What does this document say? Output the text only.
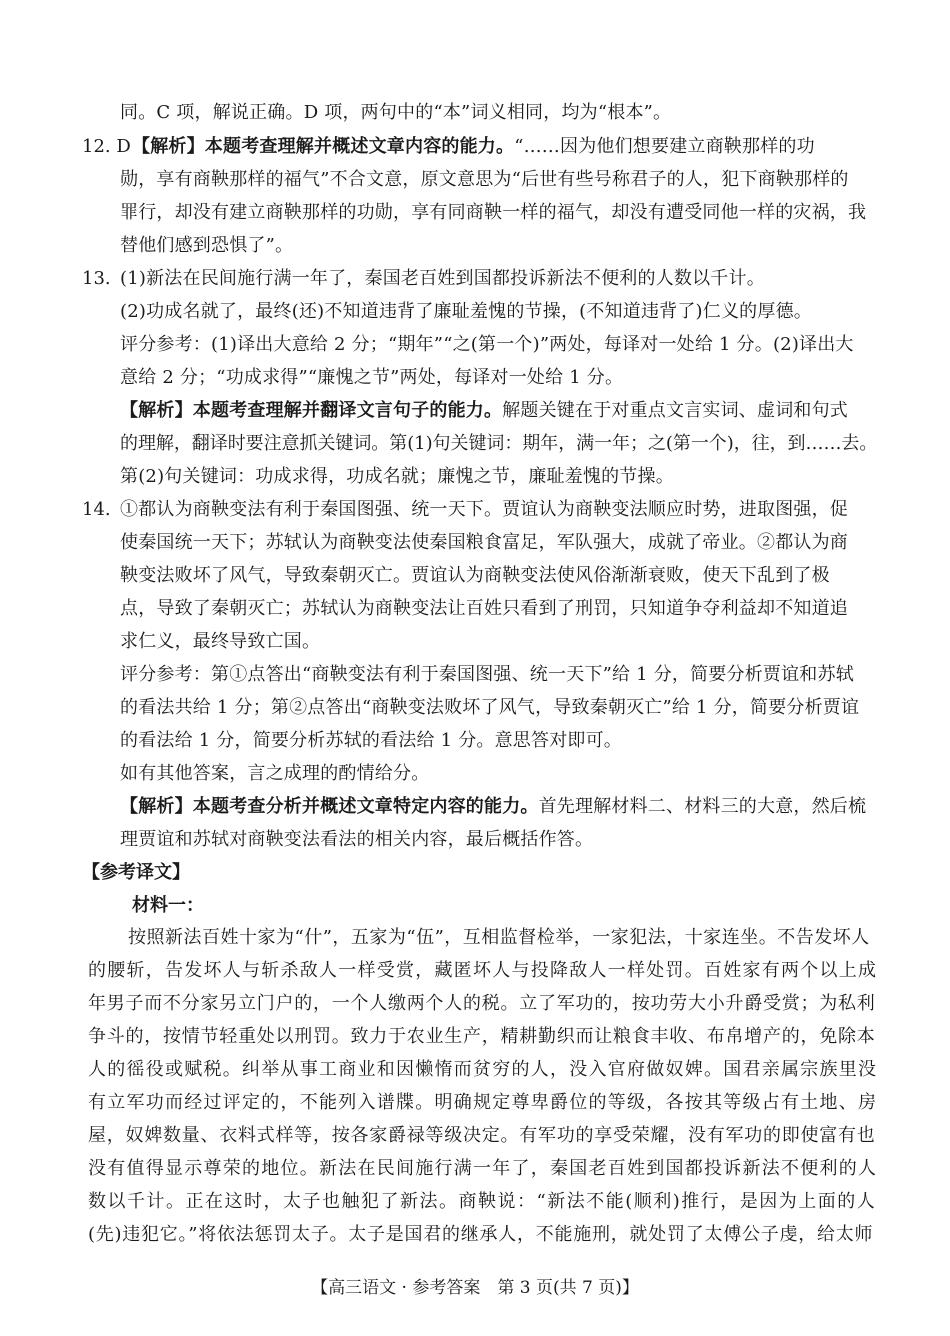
同。C 项，解说正确。D 项，两句中的“本”词义相同，均为“根本”。
12. D 【解析】本题考查理解并概述文章内容的能力。“……因为他们想要建立商鞅那样的功
勋，享有商鞅那样的福气”不合文意，原文意思为“后世有些号称君子的人，犯下商鞅那样的
罪行，却没有建立商鞅那样的功勋，享有同商鞅一样的福气，却没有遭受同他一样的灾祸，我
替他们感到恐惧了”。
13. (1)新法在民间施行满一年了，秦国老百姓到国都投诉新法不便利的人数以千计。
(2)功成名就了，最终(还)不知道违背了廉耻羞愧的节操，(不知道违背了)仁义的厚德。
评分参考：(1)译出大意给 2 分；“期年”“之(第一个)”两处，每译对一处给 1 分。(2)译出大
意给 2 分；“功成求得”“廉愧之节”两处，每译对一处给 1 分。
【解析】本题考查理解并翻译文言句子的能力。解题关键在于对重点文言实词、虚词和句式
的理解，翻译时要注意抓关键词。第(1)句关键词：期年，满一年；之(第一个)，往，到……去。
第(2)句关键词：功成求得，功成名就；廉愧之节，廉耻羞愧的节操。
14. ①都认为商鞅变法有利于秦国图强、统一天下。贾谊认为商鞅变法顺应时势，进取图强，促
使秦国统一天下；苏轼认为商鞅变法使秦国粮食富足，军队强大，成就了帝业。②都认为商
鞅变法败坏了风气，导致秦朝灭亡。贾谊认为商鞅变法使风俗渐渐衰败，使天下乱到了极
点，导致了秦朝灭亡；苏轼认为商鞅变法让百姓只看到了刑罚，只知道争夺利益却不知道追
求仁义，最终导致亡国。
评分参考：第①点答出“商鞅变法有利于秦国图强、统一天下”给 1 分，简要分析贾谊和苏轼
的看法共给 1 分；第②点答出“商鞅变法败坏了风气，导致秦朝灭亡”给 1 分，简要分析贾谊
的看法给 1 分，简要分析苏轼的看法给 1 分。意思答对即可。
如有其他答案，言之成理的酌情给分。
【解析】本题考查分析并概述文章特定内容的能力。首先理解材料二、材料三的大意，然后梳
理贾谊和苏轼对商鞅变法看法的相关内容，最后概括作答。
【参考译文】
材料一：
按照新法百姓十家为“什”，五家为“伍”，互相监督检举，一家犯法，十家连坐。不告发坏人
的腰斩，告发坏人与斩杀敌人一样受赏，藏匿坏人与投降敌人一样处罚。百姓家有两个以上成
年男子而不分家另立门户的，一个人缴两个人的税。立了军功的，按功劳大小升爵受赏；为私利
争斗的，按情节轻重处以刑罚。致力于农业生产，精耕勤织而让粮食丰收、布帛增产的，免除本
人的徭役或赋税。纠举从事工商业和因懒惰而贫穷的人，没入官府做奴婢。国君亲属宗族里没
有立军功而经过评定的，不能列入谱牒。明确规定尊卑爵位的等级，各按其等级占有土地、房
屋，奴婢数量、衣料式样等，按各家爵禄等级决定。有军功的享受荣耀，没有军功的即使富有也
没有值得显示尊荣的地位。新法在民间施行满一年了，秦国老百姓到国都投诉新法不便利的人
数以千计。正在这时，太子也触犯了新法。商鞅说：“新法不能(顺利)推行，是因为上面的人
(先)违犯它。”将依法惩罚太子。太子是国君的继承人，不能施刑，就处罚了太傅公子虔，给太师
【高三语文 · 参考答案　第 3 页(共 7 页)】
